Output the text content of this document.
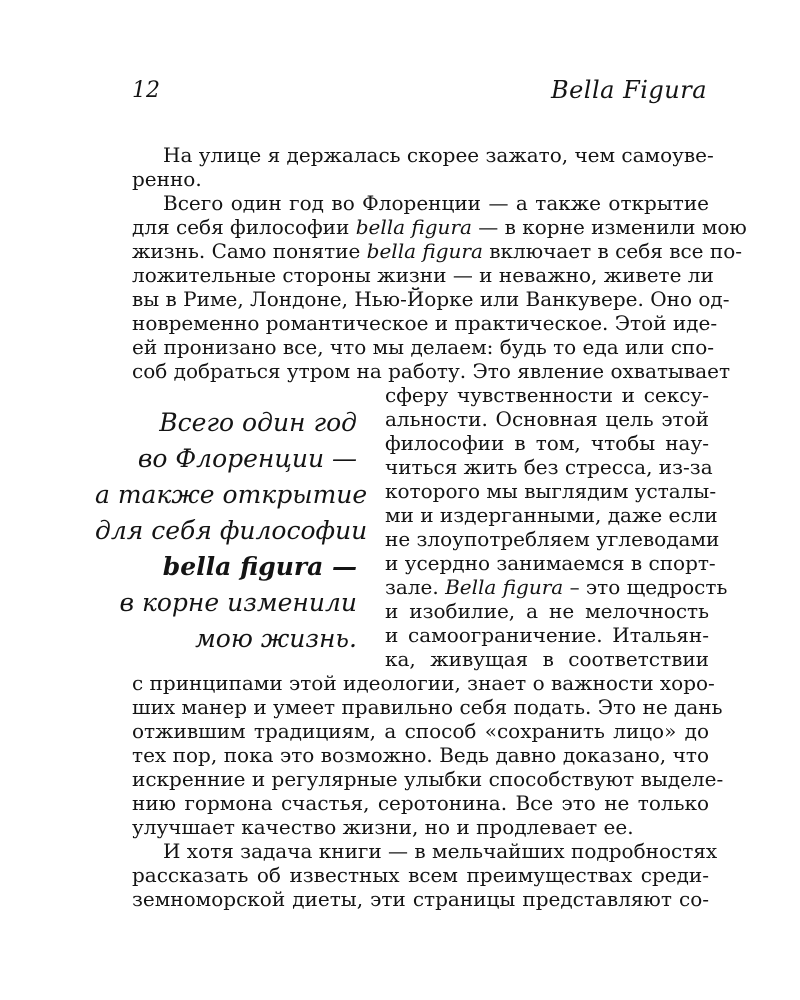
12	Bella Figura

На улице я держалась скорее зажато, чем самоуве-

ренно.

Всего один год во Флоренции — а также открытие

для себя философии bella figura — в корне изменили мою

жизнь. Само понятие bella figura включает в себя все по-

ложительные стороны жизни — и неважно, живете ли

вы в Риме, Лондоне, Нью-Йорке или Ванкувере. Оно од-

новременно романтическое и практическое. Этой иде-

ей пронизано все, что мы делаем: будь то еда или спо-

соб добраться утром на работу. Это явление охватывает

сферу чувственности и сексу-

альности. Основная цель этой

философии в том, чтобы нау-

читься жить без стресса, из-за

которого мы выглядим устaлы-

ми и издерганными, даже если

не злоупотребляем углеводами

и усердно занимаемся в спорт-

зале. Bella figura – это щедрость

и изобилие, а не мелочность

и самоограничение. Итальян-

ка, живущая в соответствии

с принципами этой идеологии, знает о важности хоро-

ших манер и умеет правильно себя подать. Это не дань

отжившим традициям, а способ «сохранить лицо» до

тех пор, пока это возможно. Ведь давно доказано, что

искренние и регулярные улыбки способствуют выделе-

нию гормона счастья, серотонина. Все это не только

улучшает качество жизни, но и продлевает ее.

И хотя задача книги — в мельчайших подробностях

рассказать об известных всем преимуществах среди-

земноморской диеты, эти страницы представляют со-

Всего один год
во Флоренции —
а также открытие
для себя философии
bella figura —
в корне изменили
мою жизнь.
